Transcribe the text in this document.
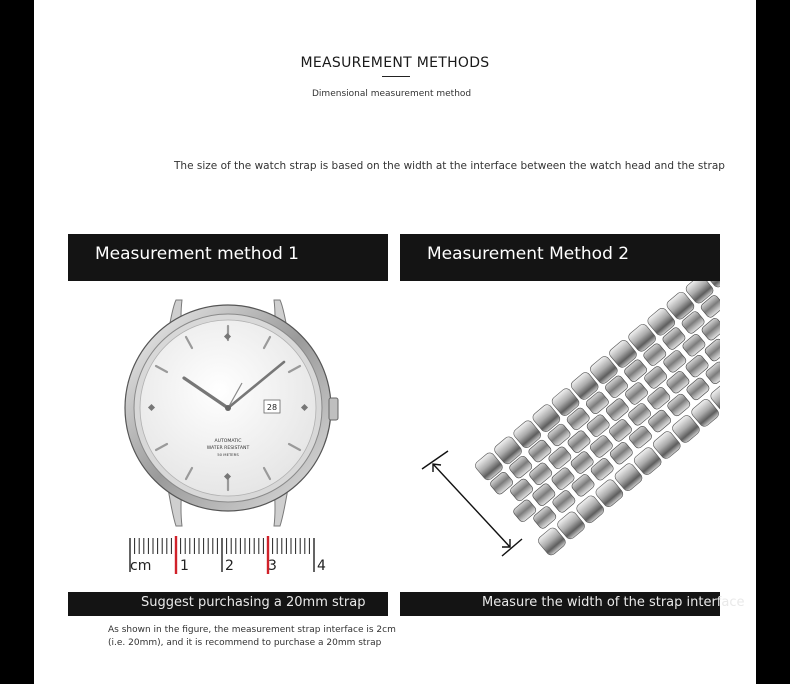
MEASUREMENT METHODS
Dimensional measurement method
The size of the watch strap is based on the width at the interface between the watch head and the strap
Measurement method 1	Measurement Method 2
28
AUTOMATIC
WATER RESISTANT
50 METERS
cm 1	2 3	4
Suggest purchasing a 20mm strap	Measure the width of the strap interface
As shown in the figure, the measurement strap interface is 2cm (i.e. 20mm), and it is recommend to purchase a 20mm strap
